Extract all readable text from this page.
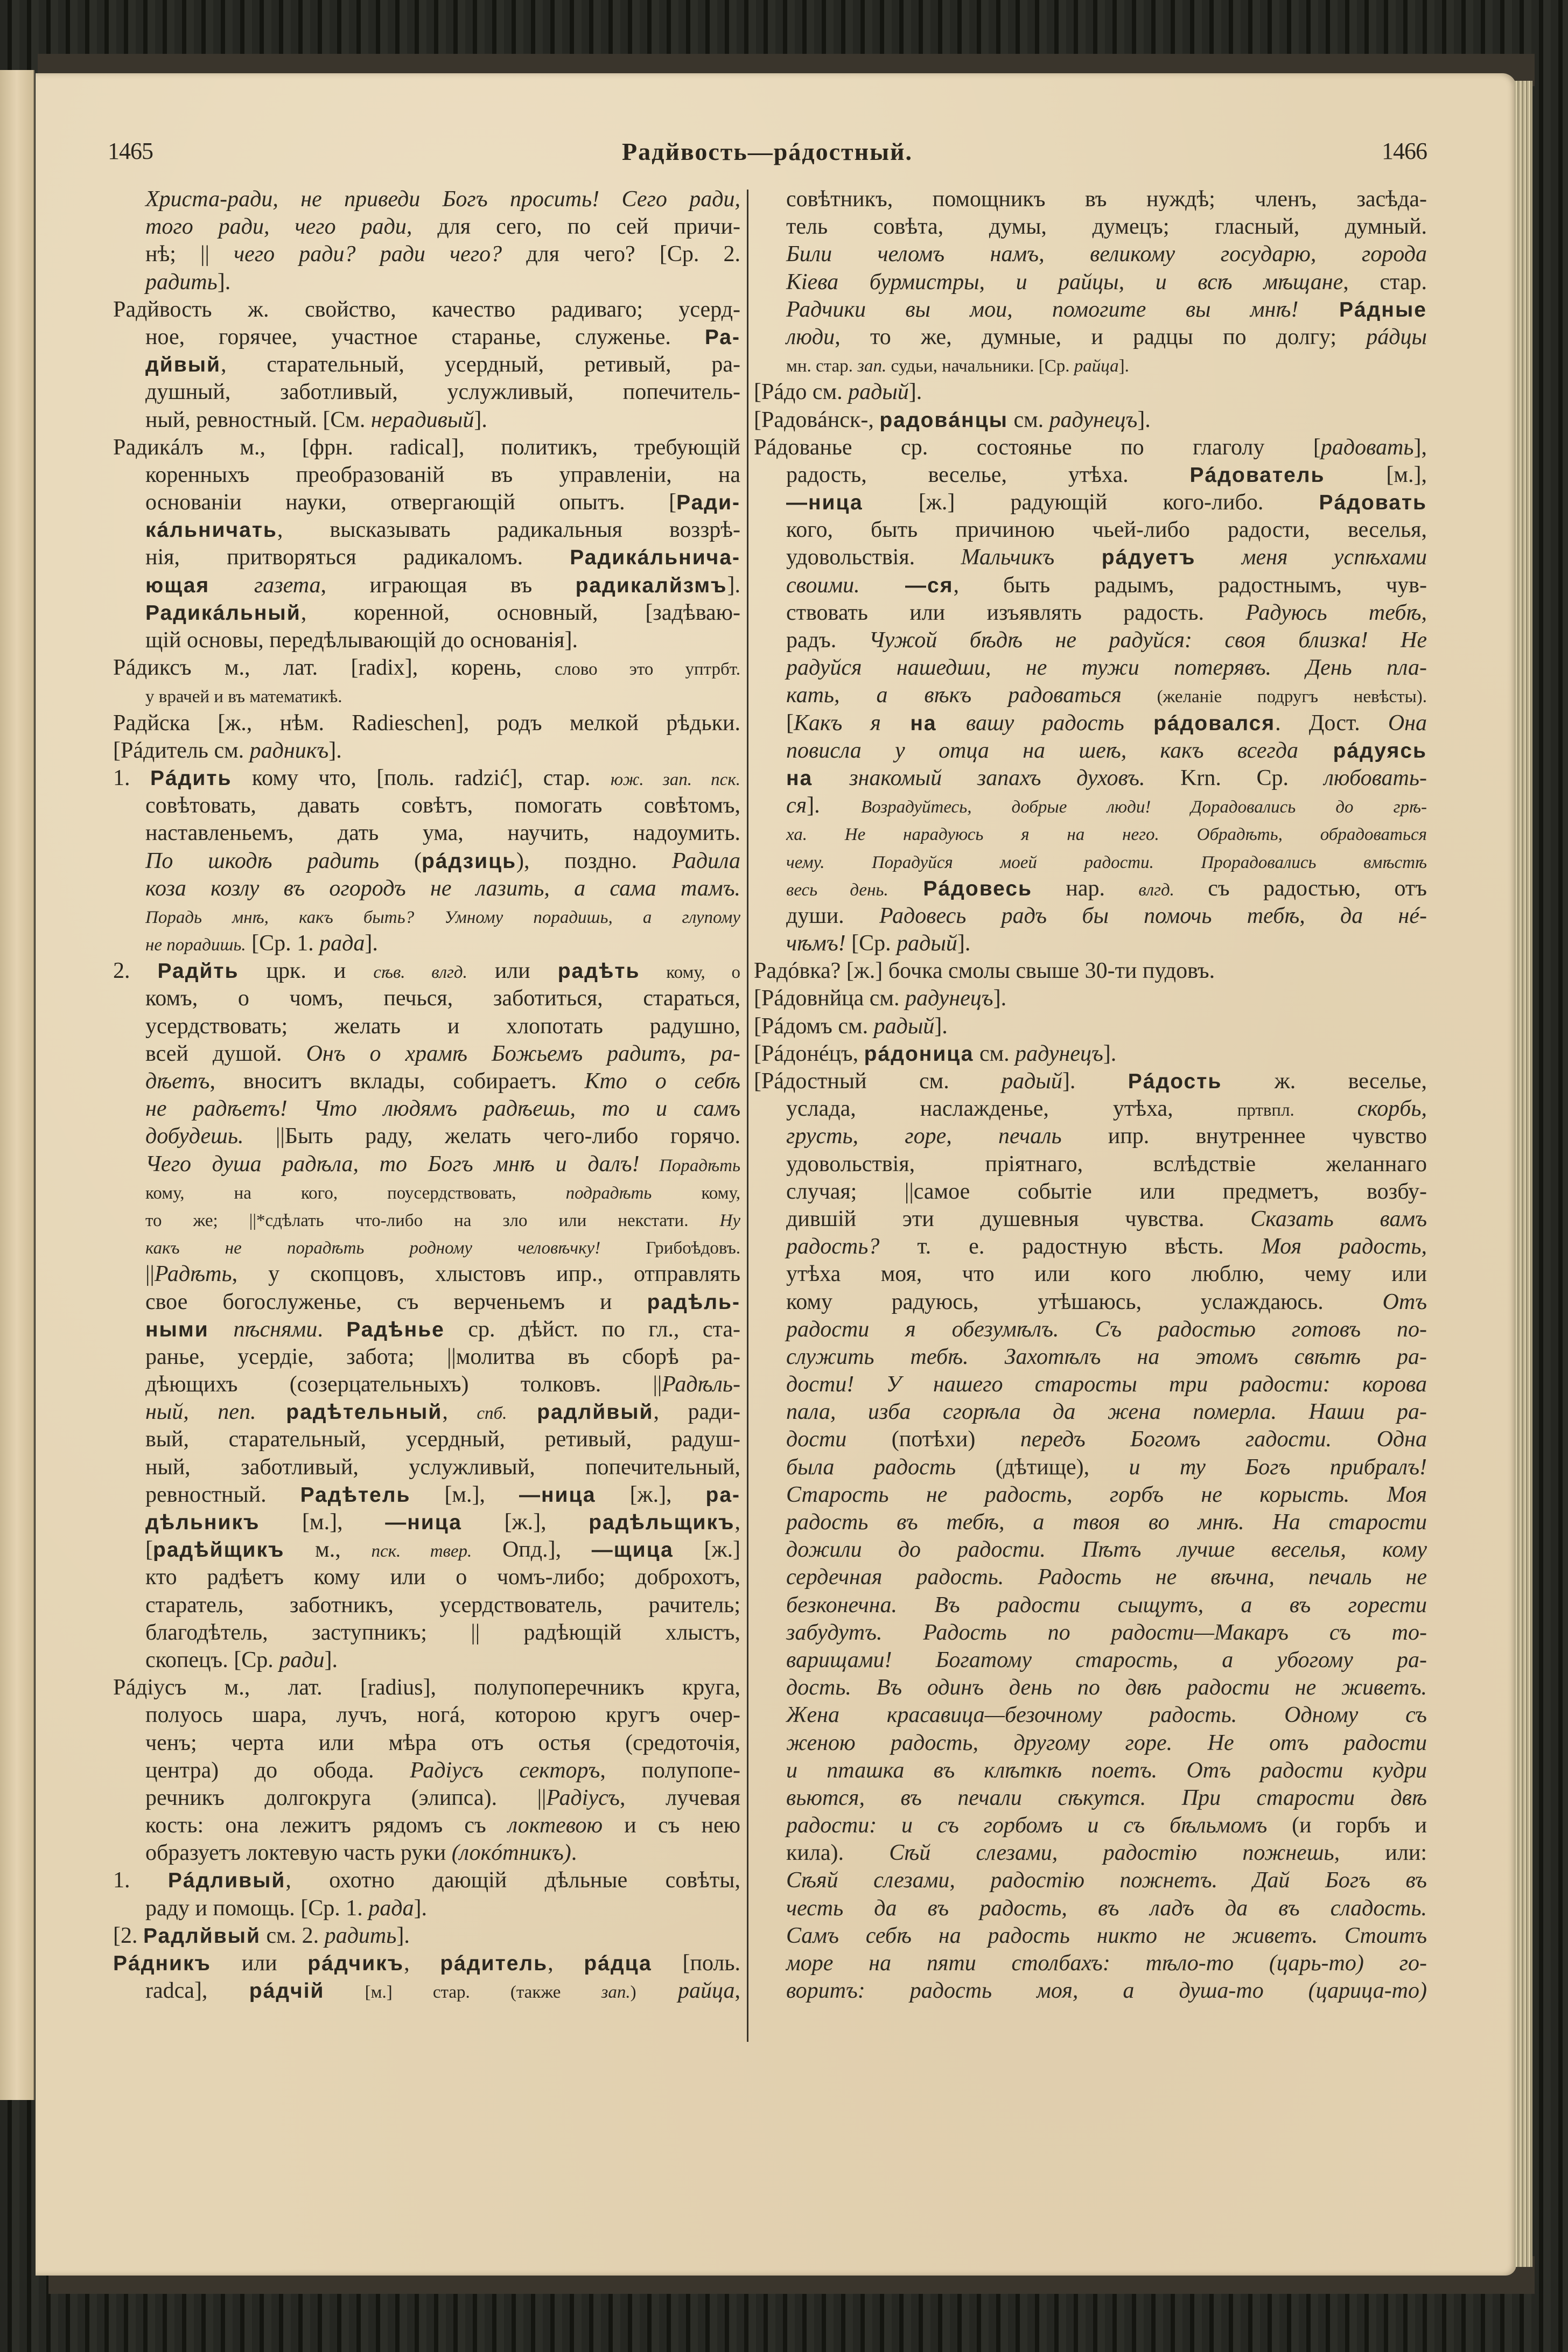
1465	Радйвость—рáдостный.	1466
Христа-ради, не приведи Богъ просить! Сего ради,
того ради, чего ради, для сего, по сей причи-
нѣ; || чего ради? ради чего? для чего? [Ср. 2.
радить].
Радйвость ж. свойство, качество радиваго; усерд-
ное, горячее, участное старанье, служенье. Ра-
дйвый, старательный, усердный, ретивый, ра-
душный, заботливый, услужливый, попечитель-
ный, ревностный. [См. нерадивый].
Радикáлъ м., [фрн. radical], политикъ, требующій
коренныхъ преобразованій въ управленіи, на
основаніи науки, отвергающій опытъ. [Ради-
кáльничать, высказывать радикальныя воззрѣ-
нія, притворяться радикаломъ. Радикáльнича-
ющая газета, играющая въ радикалйзмъ].
Радикáльный, коренной, основный, [задѣваю-
щій основы, передѣлывающій до основанія].
Рáдиксъ м., лат. [radix], корень, слово это уптрбт.
у врачей и въ математикѣ.
Радйска [ж., нѣм. Radieschen], родъ мелкой рѣдьки.
[Рáдитель см. радникъ].
1. Рáдить кому что, [поль. radzić], стар. юж. зап. пск.
совѣтовать, давать совѣтъ, помогать совѣтомъ,
наставленьемъ, дать ума, научить, надоумить.
По шкодѣ радить (рáдзиць), поздно. Радила
коза козлу въ огородъ не лазить, а сама тамъ.
Порадь мнѣ, какъ быть? Умному порадишь, а глупому
не порадишь. [Ср. 1. рада].
2. Радйть црк. и сѣв. влгд. или радѣть кому, о
комъ, о чомъ, печься, заботиться, стараться,
усердствовать; желать и хлопотать радушно,
всей душой. Онъ о храмѣ Божьемъ радитъ, ра-
дѣетъ, вноситъ вклады, собираетъ. Кто о себѣ
не радѣетъ! Что людямъ радѣешь, то и самъ
добудешь. ||Быть раду, желать чего-либо горячо.
Чего душа радѣла, то Богъ мнѣ и далъ! Порадѣть
кому, на кого, поусердствовать, подрадѣть кому,
то же; ||*сдѣлать что-либо на зло или некстати. Ну
какъ не порадѣть родному человѣчку! Грибоѣдовъ.
||Радѣть, у скопцовъ, хлыстовъ ипр., отправлять
свое богослуженье, съ верченьемъ и радѣль-
ными пѣснями. Радѣнье ср. дѣйст. по гл., ста-
ранье, усердіе, забота; ||молитва въ сборѣ ра-
дѣющихъ (созерцательныхъ) толковъ. ||Радѣль-
ный, пеп. радѣтельный, спб. радлйвый, ради-
вый, старательный, усердный, ретивый, радуш-
ный, заботливый, услужливый, попечительный,
ревностный. Радѣтель [м.], —ница [ж.], ра-
дѣльникъ [м.], —ница [ж.], радѣльщикъ,
[радѣйщикъ м., пск. твер. Опд.], —щица [ж.]
кто радѣетъ кому или о чомъ-либо; доброхотъ,
старатель, заботникъ, усердствователь, рачитель;
благодѣтель, заступникъ; || радѣющій хлыстъ,
скопецъ. [Ср. ради].
Рáдіусъ м., лат. [radius], полупоперечникъ круга,
полуось шара, лучъ, ногá, которою кругъ очер-
ченъ; черта или мѣра отъ остья (средоточія,
центра) до обода. Радіусъ секторъ, полупопе-
речникъ долгокруга (элипса). ||Радіусъ, лучевая
кость: она лежитъ рядомъ съ локтевою и съ нею
образуетъ локтевую часть руки (локóтникъ).
1. Рáдливый, охотно дающій дѣльные совѣты,
раду и помощь. [Ср. 1. рада].
[2. Радлйвый см. 2. радить].
Рáдникъ или рáдчикъ, рáдитель, рáдца [поль.
radca], рáдчій [м.] стар. (также зап.) райца,
совѣтникъ, помощникъ въ нуждѣ; членъ, засѣда-
тель совѣта, думы, думецъ; гласный, думный.
Били челомъ намъ, великому государю, города
Кіева бурмистры, и райцы, и всѣ мѣщане, стар.
Радчики вы мои, помогите вы мнѣ! Рáдные
люди, то же, думные, и радцы по долгу; рáдцы
мн. стар. зап. судьи, начальники. [Ср. райца].
[Рáдо см. радый].
[Радовáнск-, радовáнцы см. радунецъ].
Рáдованье ср. состоянье по глаголу [радовать],
радость, веселье, утѣха. Рáдователь [м.],
—ница [ж.] радующій кого-либо. Рáдовать
кого, быть причиною чьей-либо радости, веселья,
удовольствія. Мальчикъ рáдуетъ меня успѣхами
своими. —ся, быть радымъ, радостнымъ, чув-
ствовать или изъявлять радость. Радуюсь тебѣ,
радъ. Чужой бѣдѣ не радуйся: своя близка! Не
радуйся нашедши, не тужи потерявъ. День пла-
кать, а вѣкъ радоваться (желаніе подругъ невѣсты).
[Какъ я на вашу радость рáдовался. Дост. Она
повисла у отца на шеѣ, какъ всегда рáдуясь
на знакомый запахъ духовъ. Krn. Ср. любовать-
ся]. Возрадуйтесь, добрые люди! Дорадовались до грѣ-
ха. Не нарадуюсь я на него. Обрадѣть, обрадоваться
чему. Порадуйся моей радости. Прорадовались вмѣстѣ
весь день. Рáдовесь нар. влгд. съ радостью, отъ
души. Радовесь радъ бы помочь тебѣ, да нé-
чѣмъ! [Ср. радый].
Радóвка? [ж.] бочка смолы свыше 30-ти пудовъ.
[Рáдовнйца см. радунецъ].
[Рáдомъ см. радый].
[Рáдонéцъ, рáдоница см. радунецъ].
[Рáдостный см. радый]. Рáдость ж. веселье,
услада, наслажденье, утѣха, пртвпл. скорбь,
грусть, горе, печаль ипр. внутреннее чувство
удовольствія, пріятнаго, вслѣдствіе желаннаго
случая; ||самое событіе или предметъ, возбу-
дившій эти душевныя чувства. Сказать вамъ
радость? т. е. радостную вѣсть. Моя радость,
утѣха моя, что или кого люблю, чему или
кому радуюсь, утѣшаюсь, услаждаюсь. Отъ
радости я обезумѣлъ. Съ радостью готовъ по-
служить тебѣ. Захотѣлъ на этомъ свѣтѣ ра-
дости! У нашего старосты три радости: корова
пала, изба сгорѣла да жена померла. Наши ра-
дости (потѣхи) передъ Богомъ гадости. Одна
была радость (дѣтище), и ту Богъ прибралъ!
Старость не радость, горбъ не корысть. Моя
радость въ тебѣ, а твоя во мнѣ. На старости
дожили до радости. Пѣтъ лучше веселья, кому
сердечная радость. Радость не вѣчна, печаль не
безконечна. Въ радости сыщутъ, а въ горести
забудутъ. Радость по радости—Макаръ съ то-
варищами! Богатому старость, а убогому ра-
дость. Въ одинъ день по двѣ радости не живетъ.
Жена красавица—безочному радость. Одному съ
женою радость, другому горе. Не отъ радости
и пташка въ клѣткѣ поетъ. Отъ радости кудри
вьются, въ печали сѣкутся. При старости двѣ
радости: и съ горбомъ и съ бѣльмомъ (и горбъ и
кила). Сѣй слезами, радостію пожнешь, или:
Сѣяй слезами, радостію пожнетъ. Дай Богъ въ
честь да въ радость, въ ладъ да въ сладость.
Самъ себѣ на радость никто не живетъ. Стоитъ
море на пяти столбахъ: тѣло-то (царь-то) го-
воритъ: радость моя, а душа-то (царица-то)
